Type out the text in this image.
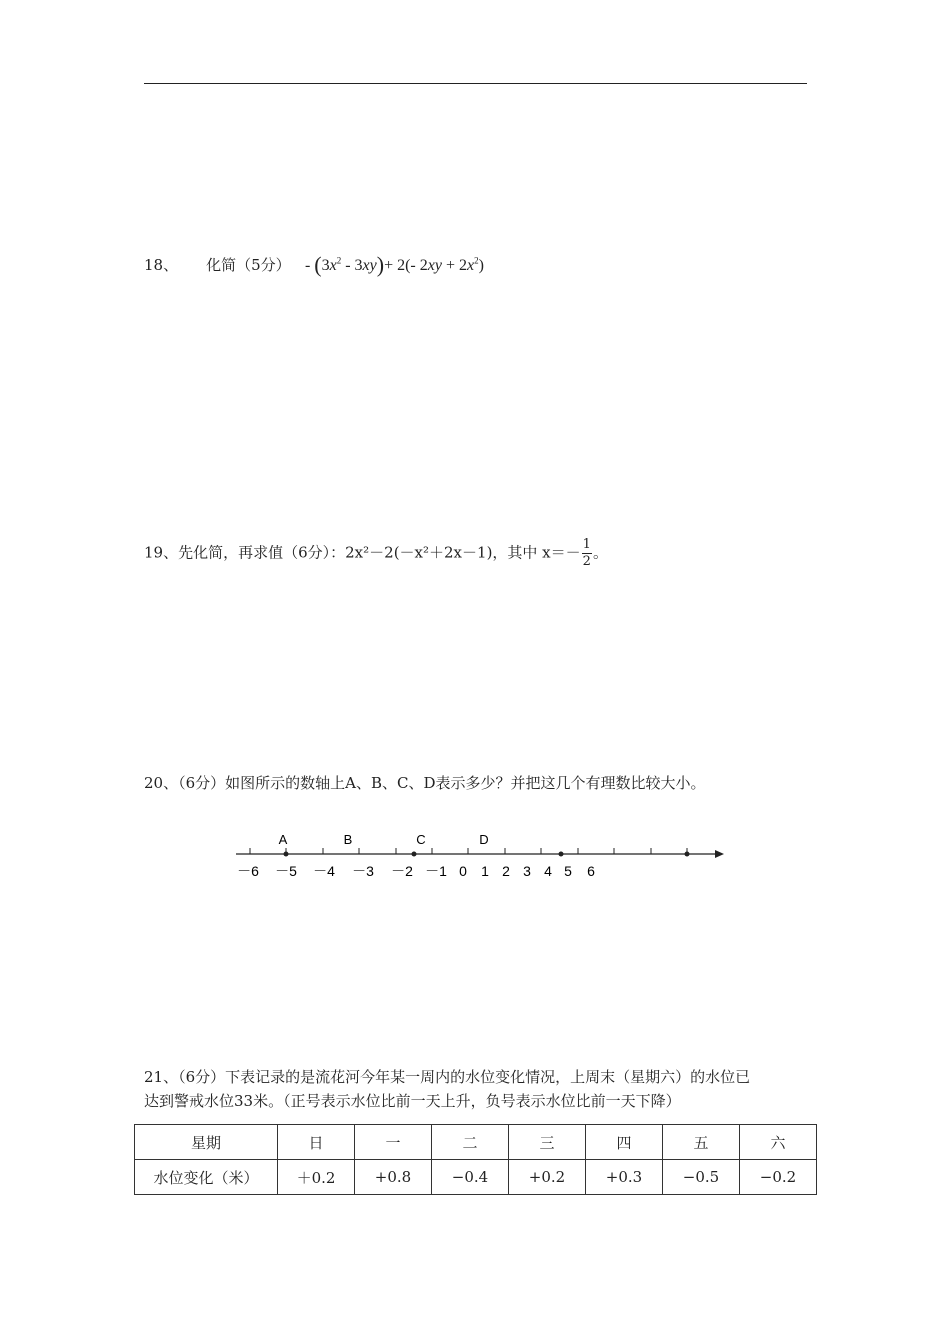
18、 化简（5分） - $(3x^2 - 3xy)+ 2(-$ $2xy + 2x^2$)
19、先化简，再求值（6分）：2x²－2(－x²＋2x－1)，其中 $x=- \frac{1}{2}$ 。
20、（6分）如图所示的数轴上A、B、C、D表示多少？并把这几个有理数比较大小。
A	B	C	D
－6 －5 －4 －3 －2 －1 0 1 2 3 4 5 6
21、（6分）下表记录的是流花河今年某一周内的水位变化情况，上周末（星期六）的水位已
达到警戒水位33米。（正号表示水位比前一天上升，负号表示水位比前一天下降）
星期	日	一	二	三	四	五	六
水位变化（米）	＋0.2	+0.8	−0.4	+0.2	+0.3	−0.5	−0.2
